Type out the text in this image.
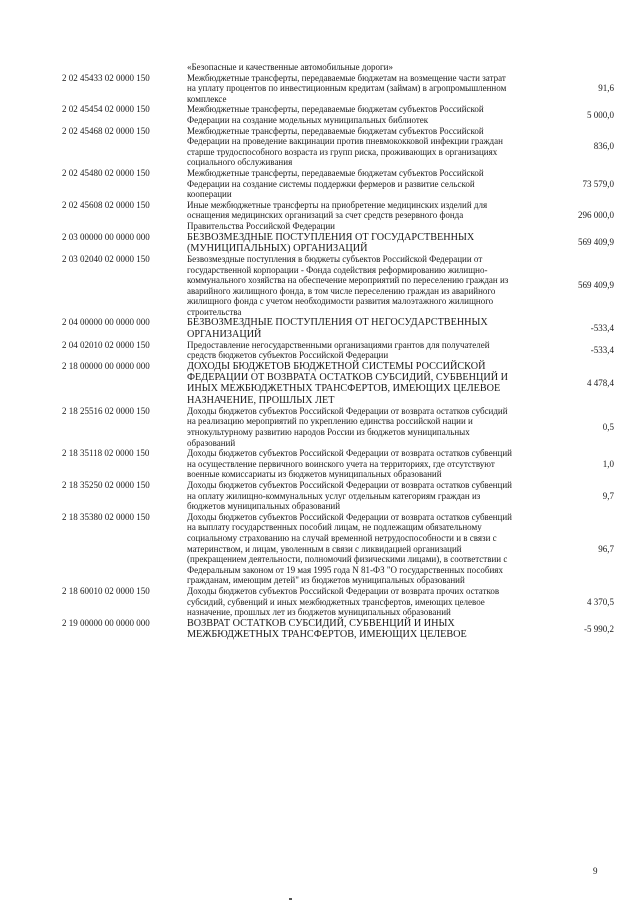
	«Безопасные и качественные автомобильные дороги»	
2 02 45433 02 0000 150	Межбюджетные трансферты, передаваемые бюджетам на возмещение части затрат на уплату процентов по инвестиционным кредитам (займам) в агропромышленном комплексе	91,6
2 02 45454 02 0000 150	Межбюджетные трансферты, передаваемые бюджетам субъектов Российской Федерации на создание модельных муниципальных библиотек	5 000,0
2 02 45468 02 0000 150	Межбюджетные трансферты, передаваемые бюджетам субъектов Российской Федерации на проведение вакцинации против пневмококковой инфекции граждан старше трудоспособного возраста из групп риска, проживающих в организациях социального обслуживания	836,0
2 02 45480 02 0000 150	Межбюджетные трансферты, передаваемые бюджетам субъектов Российской Федерации на создание системы поддержки фермеров и развитие сельской кооперации	73 579,0
2 02 45608 02 0000 150	Иные межбюджетные трансферты на приобретение медицинских изделий для оснащения медицинских организаций за счет средств резервного фонда Правительства Российской Федерации	296 000,0
2 03 00000 00 0000 000	БЕЗВОЗМЕЗДНЫЕ ПОСТУПЛЕНИЯ ОТ ГОСУДАРСТВЕННЫХ (МУНИЦИПАЛЬНЫХ) ОРГАНИЗАЦИЙ	569 409,9
2 03 02040 02 0000 150	Безвозмездные поступления в бюджеты субъектов Российской Федерации от государственной корпорации - Фонда содействия реформированию жилищно-коммунального хозяйства на обеспечение мероприятий по переселению граждан из аварийного жилищного фонда, в том числе переселению граждан из аварийного жилищного фонда с учетом необходимости развития малоэтажного жилищного строительства	569 409,9
2 04 00000 00 0000 000	БЕЗВОЗМЕЗДНЫЕ ПОСТУПЛЕНИЯ ОТ НЕГОСУДАРСТВЕННЫХ ОРГАНИЗАЦИЙ	-533,4
2 04 02010 02 0000 150	Предоставление негосударственными организациями грантов для получателей средств бюджетов субъектов Российской Федерации	-533,4
2 18 00000 00 0000 000	ДОХОДЫ БЮДЖЕТОВ БЮДЖЕТНОЙ СИСТЕМЫ РОССИЙСКОЙ ФЕДЕРАЦИИ ОТ ВОЗВРАТА ОСТАТКОВ СУБСИДИЙ, СУБВЕНЦИЙ И ИНЫХ МЕЖБЮДЖЕТНЫХ ТРАНСФЕРТОВ, ИМЕЮЩИХ ЦЕЛЕВОЕ НАЗНАЧЕНИЕ, ПРОШЛЫХ ЛЕТ	4 478,4
2 18 25516 02 0000 150	Доходы бюджетов субъектов Российской Федерации от возврата остатков субсидий на реализацию мероприятий по укреплению единства российской нации и этнокультурному развитию народов России из бюджетов муниципальных образований	0,5
2 18 35118 02 0000 150	Доходы бюджетов субъектов Российской Федерации от возврата остатков субвенций на осуществление первичного воинского учета на территориях, где отсутствуют военные комиссариаты из бюджетов муниципальных образований	1,0
2 18 35250 02 0000 150	Доходы бюджетов субъектов Российской Федерации от возврата остатков субвенций на оплату жилищно-коммунальных услуг отдельным категориям граждан из бюджетов муниципальных образований	9,7
2 18 35380 02 0000 150	Доходы бюджетов субъектов Российской Федерации от возврата остатков субвенций на выплату государственных пособий лицам, не подлежащим обязательному социальному страхованию на случай временной нетрудоспособности и в связи с материнством, и лицам, уволенным в связи с ликвидацией организаций (прекращением деятельности, полномочий физическими лицами), в соответствии с Федеральным законом от 19 мая 1995 года N 81-ФЗ "О государственных пособиях гражданам, имеющим детей" из бюджетов муниципальных образований	96,7
2 18 60010 02 0000 150	Доходы бюджетов субъектов Российской Федерации от возврата прочих остатков субсидий, субвенций и иных межбюджетных трансфертов, имеющих целевое назначение, прошлых лет из бюджетов муниципальных образований	4 370,5
2 19 00000 00 0000 000	ВОЗВРАТ ОСТАТКОВ СУБСИДИЙ, СУБВЕНЦИЙ И ИНЫХ МЕЖБЮДЖЕТНЫХ ТРАНСФЕРТОВ, ИМЕЮЩИХ ЦЕЛЕВОЕ	-5 990,2
9
